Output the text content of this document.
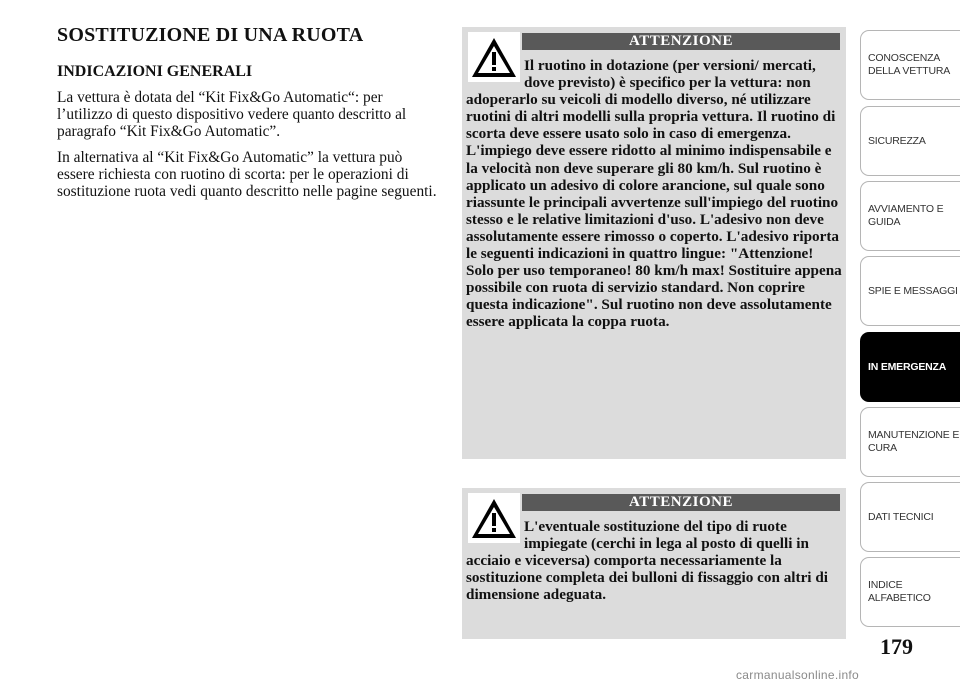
SOSTITUZIONE DI UNA RUOTA
INDICAZIONI GENERALI

La vettura è dotata del “Kit Fix&Go Automatic“: per l’utilizzo di questo dispositivo vedere quanto descritto al paragrafo “Kit Fix&Go Automatic”.

In alternativa al “Kit Fix&Go Automatic” la vettura può essere richiesta con ruotino di scorta: per le operazioni di sostituzione ruota vedi quanto descritto nelle pagine seguenti.

ATTENZIONE

Il ruotino in dotazione (per versioni/ mercati, dove previsto) è specifico per la vettura: non adoperarlo su veicoli di modello diverso, né utilizzare ruotini di altri modelli sulla propria vettura. Il ruotino di scorta deve essere usato solo in caso di emergenza. L'impiego deve essere ridotto al minimo indispensabile e la velocità non deve superare gli 80 km/h. Sul ruotino è applicato un adesivo di colore arancione, sul quale sono riassunte le principali avvertenze sull'impiego del ruotino stesso e le relative limitazioni d'uso. L'adesivo non deve assolutamente essere rimosso o coperto. L'adesivo riporta le seguenti indicazioni in quattro lingue: "Attenzione! Solo per uso temporaneo! 80 km/h max! Sostituire appena possibile con ruota di servizio standard. Non coprire questa indicazione". Sul ruotino non deve assolutamente essere applicata la coppa ruota.

ATTENZIONE

L'eventuale sostituzione del tipo di ruote impiegate (cerchi in lega al posto di quelli in acciaio e viceversa) comporta necessariamente la sostituzione completa dei bulloni di fissaggio con altri di dimensione adeguata.

CONOSCENZA DELLA VETTURA
SICUREZZA
AVVIAMENTO E GUIDA
SPIE E MESSAGGI
IN EMERGENZA
MANUTENZIONE E CURA
DATI TECNICI
INDICE ALFABETICO
179
carmanualsonline.info
